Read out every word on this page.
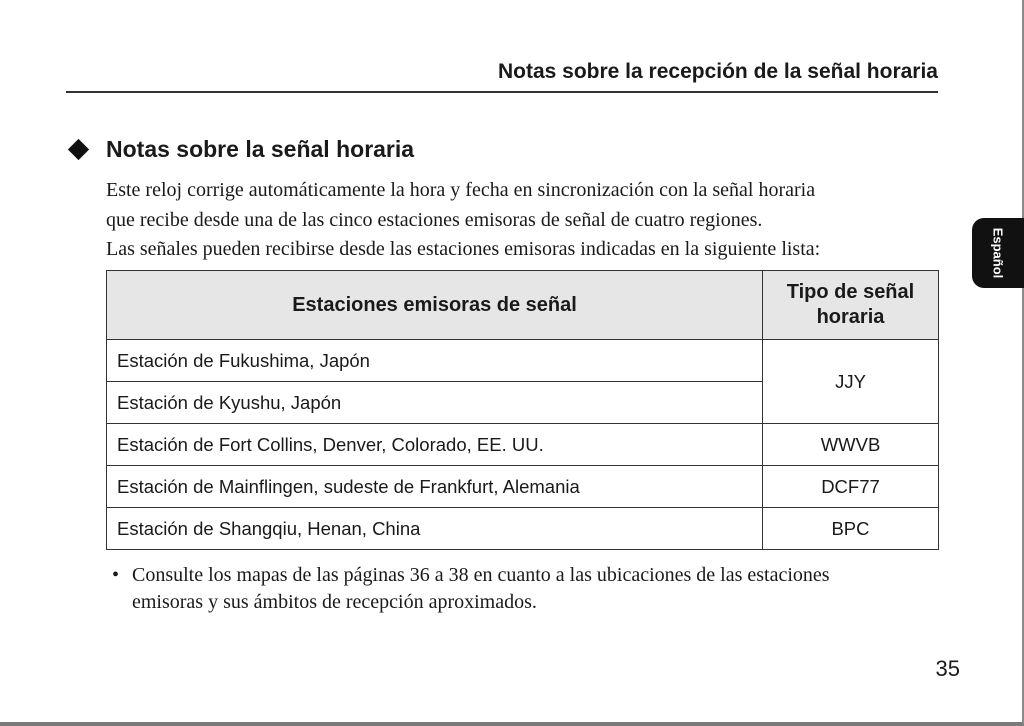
Notas sobre la recepción de la señal horaria
Notas sobre la señal horaria

Este reloj corrige automáticamente la hora y fecha en sincronización con la señal horaria

que recibe desde una de las cinco estaciones emisoras de señal de cuatro regiones.

Las señales pueden recibirse desde las estaciones emisoras indicadas en la siguiente lista:	Español
Estaciones emisoras de señal	Tipo de señal horaria
Estación de Fukushima, Japón	JJY
Estación de Kyushu, Japón	
Estación de Fort Collins, Denver, Colorado, EE. UU.	WWVB
Estación de Mainflingen, sudeste de Frankfurt, Alemania	DCF77
Estación de Shangqiu, Henan, China	BPC
• Consulte los mapas de las páginas 36 a 38 en cuanto a las ubicaciones de las estaciones
emisoras y sus ámbitos de recepción aproximados.
35
